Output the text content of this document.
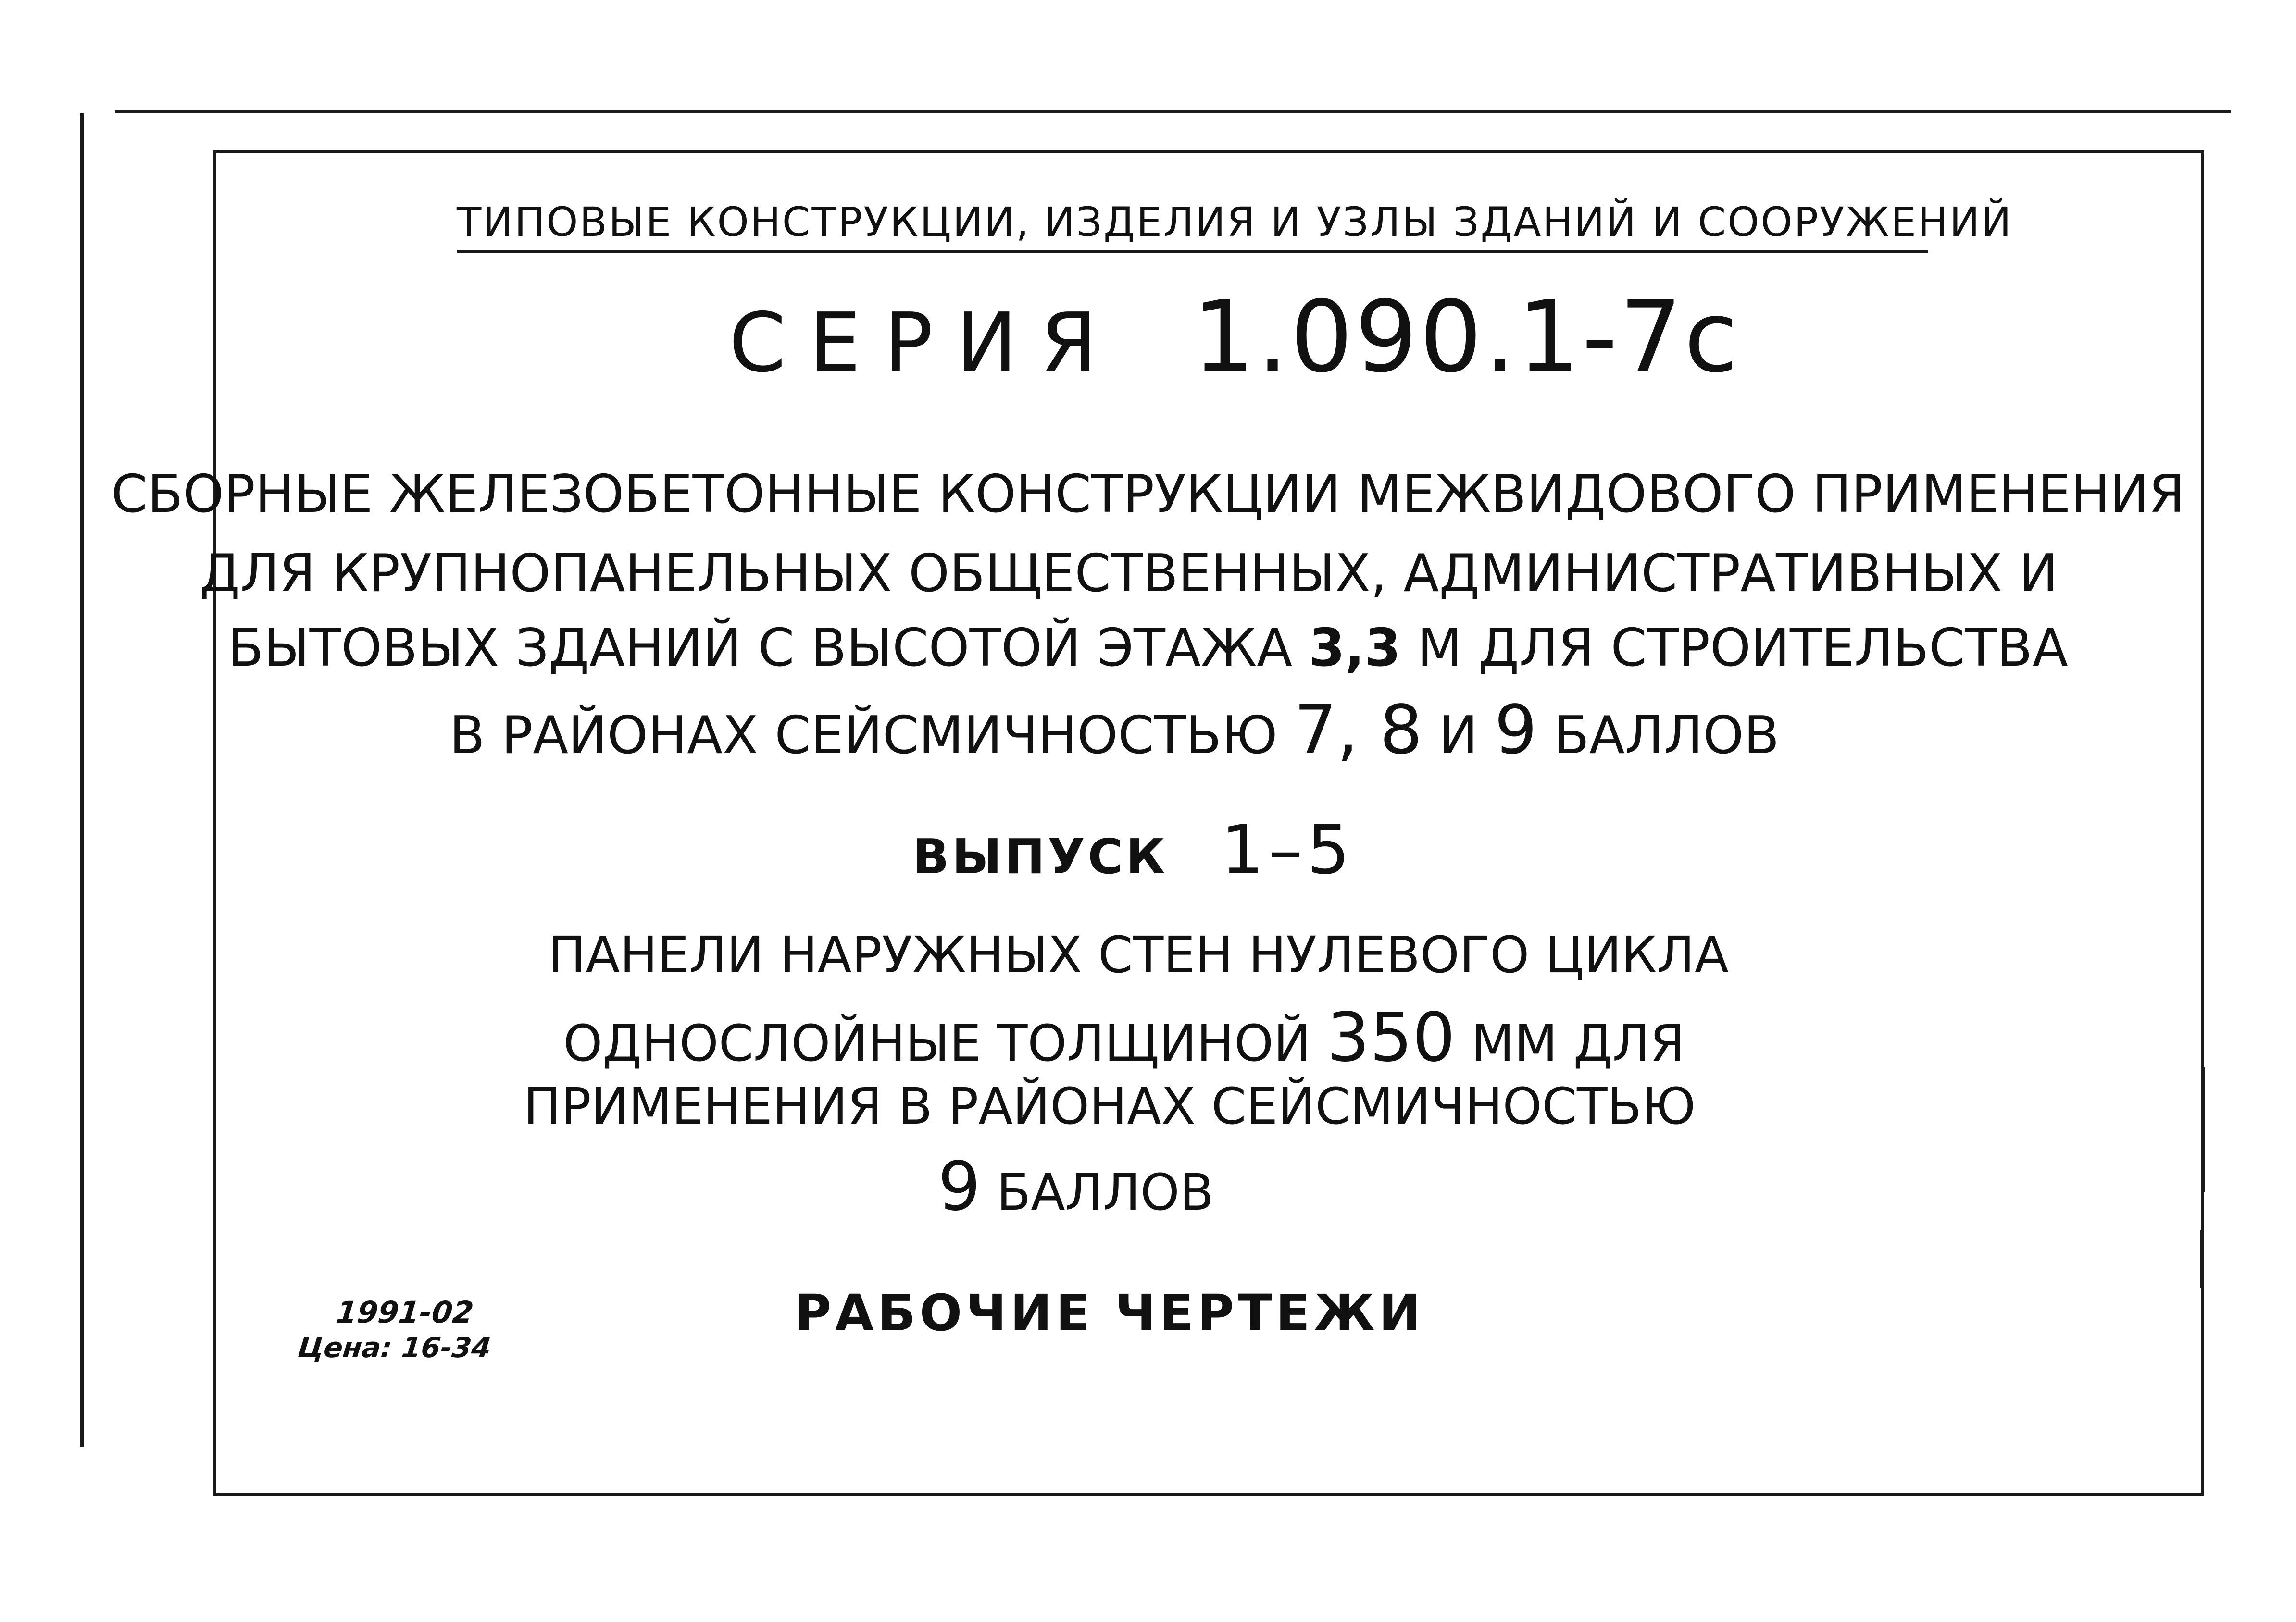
ТИПОВЫЕ КОНСТРУКЦИИ, ИЗДЕЛИЯ И УЗЛЫ ЗДАНИЙ И СООРУЖЕНИЙ
СЕРИЯ 1.090.1-7с
СБОРНЫЕ ЖЕЛЕЗОБЕТОННЫЕ КОНСТРУКЦИИ МЕЖВИДОВОГО ПРИМЕНЕНИЯ
ДЛЯ КРУПНОПАНЕЛЬНЫХ ОБЩЕСТВЕННЫХ, АДМИНИСТРАТИВНЫХ И
БЫТОВЫХ ЗДАНИЙ С ВЫСОТОЙ ЭТАЖА 3,3 М ДЛЯ СТРОИТЕЛЬСТВА
В РАЙОНАХ СЕЙСМИЧНОСТЬЮ 7, 8 И 9 БАЛЛОВ
ВЫПУСК 1–5
ПАНЕЛИ НАРУЖНЫХ СТЕН НУЛЕВОГО ЦИКЛА
ОДНОСЛОЙНЫЕ ТОЛЩИНОЙ 350 ММ ДЛЯ
ПРИМЕНЕНИЯ В РАЙОНАХ СЕЙСМИЧНОСТЬЮ
9 БАЛЛОВ
РАБОЧИЕ ЧЕРТЕЖИ
1991-02
Цена: 16-34
